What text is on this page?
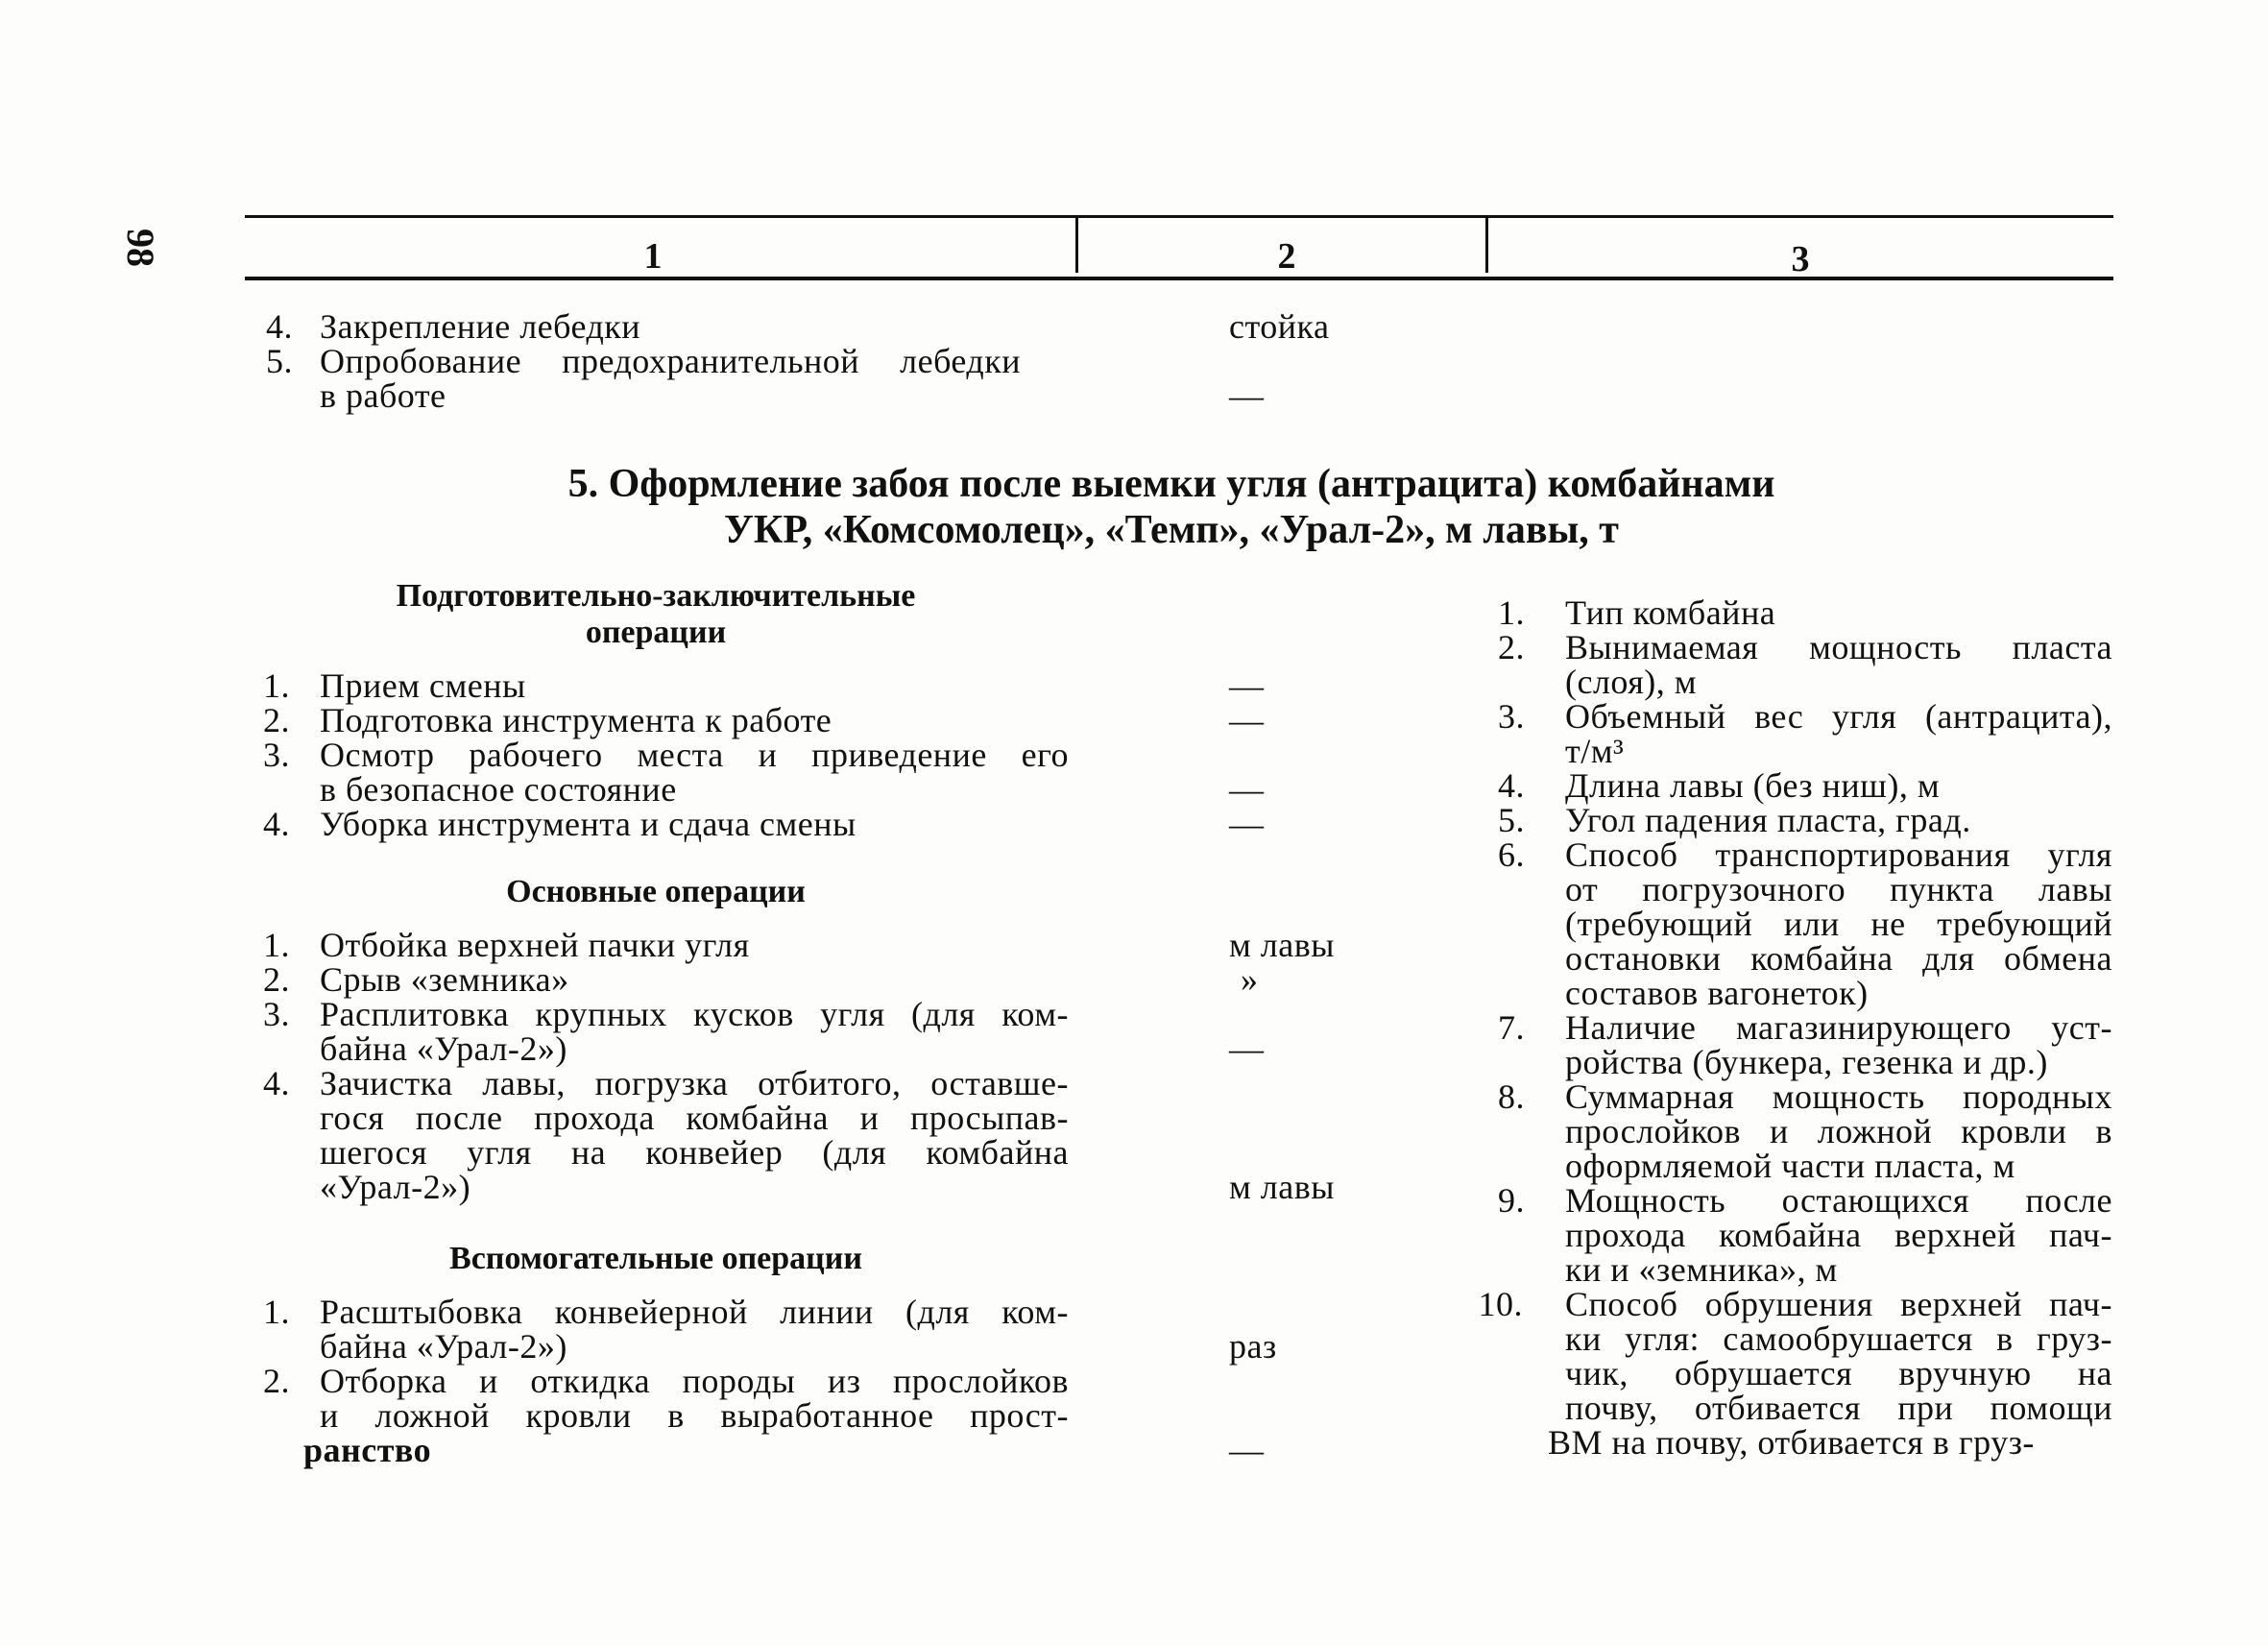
98	1	2	3
4. Закрепление лебедки	стойка
5. Опробование предохранительной лебедки
в работе	—
5. Оформление забоя после выемки угля (антрацита) комбайнами
УКР, «Комсомолец», «Темп», «Урал-2», м лавы, т
Подготовительно-заключительные
операции
1. Прием смены	—
2. Подготовка инструмента к работе	—
3. Осмотр рабочего места и приведение его
в безопасное состояние	—
4. Уборка инструмента и сдача смены	—
Основные операции
1. Отбойка верхней пачки угля	м лавы
2. Срыв «земника»	»
3. Расплитовка крупных кусков угля (для ком-
байна «Урал-2»)	—
4. Зачистка лавы, погрузка отбитого, оставше-
гося после прохода комбайна и просыпав-
шегося угля на конвейер (для комбайна
«Урал-2»)	м лавы
Вспомогательные операции
1. Расштыбовка конвейерной линии (для ком-
байна «Урал-2»)	раз
2. Отборка и откидка породы из прослойков
и ложной кровли в выработанное прост-
ранство	—
1. Тип комбайна
2. Вынимаемая мощность пласта
(слоя), м
3. Объемный вес угля (антрацита),
т/м³
4. Длина лавы (без ниш), м
5. Угол падения пласта, град.
6. Способ транспортирования угля
от погрузочного пункта лавы
(требующий или не требующий
остановки комбайна для обмена
составов вагонеток)
7. Наличие магазинирующего уст-
ройства (бункера, гезенка и др.)
8. Суммарная мощность породных
прослойков и ложной кровли в
оформляемой части пласта, м
9. Мощность остающихся после
прохода комбайна верхней пач-
ки и «земника», м
10. Способ обрушения верхней пач-
ки угля: самообрушается в груз-
чик, обрушается вручную на
почву, отбивается при помощи
ВМ на почву, отбивается в груз-
